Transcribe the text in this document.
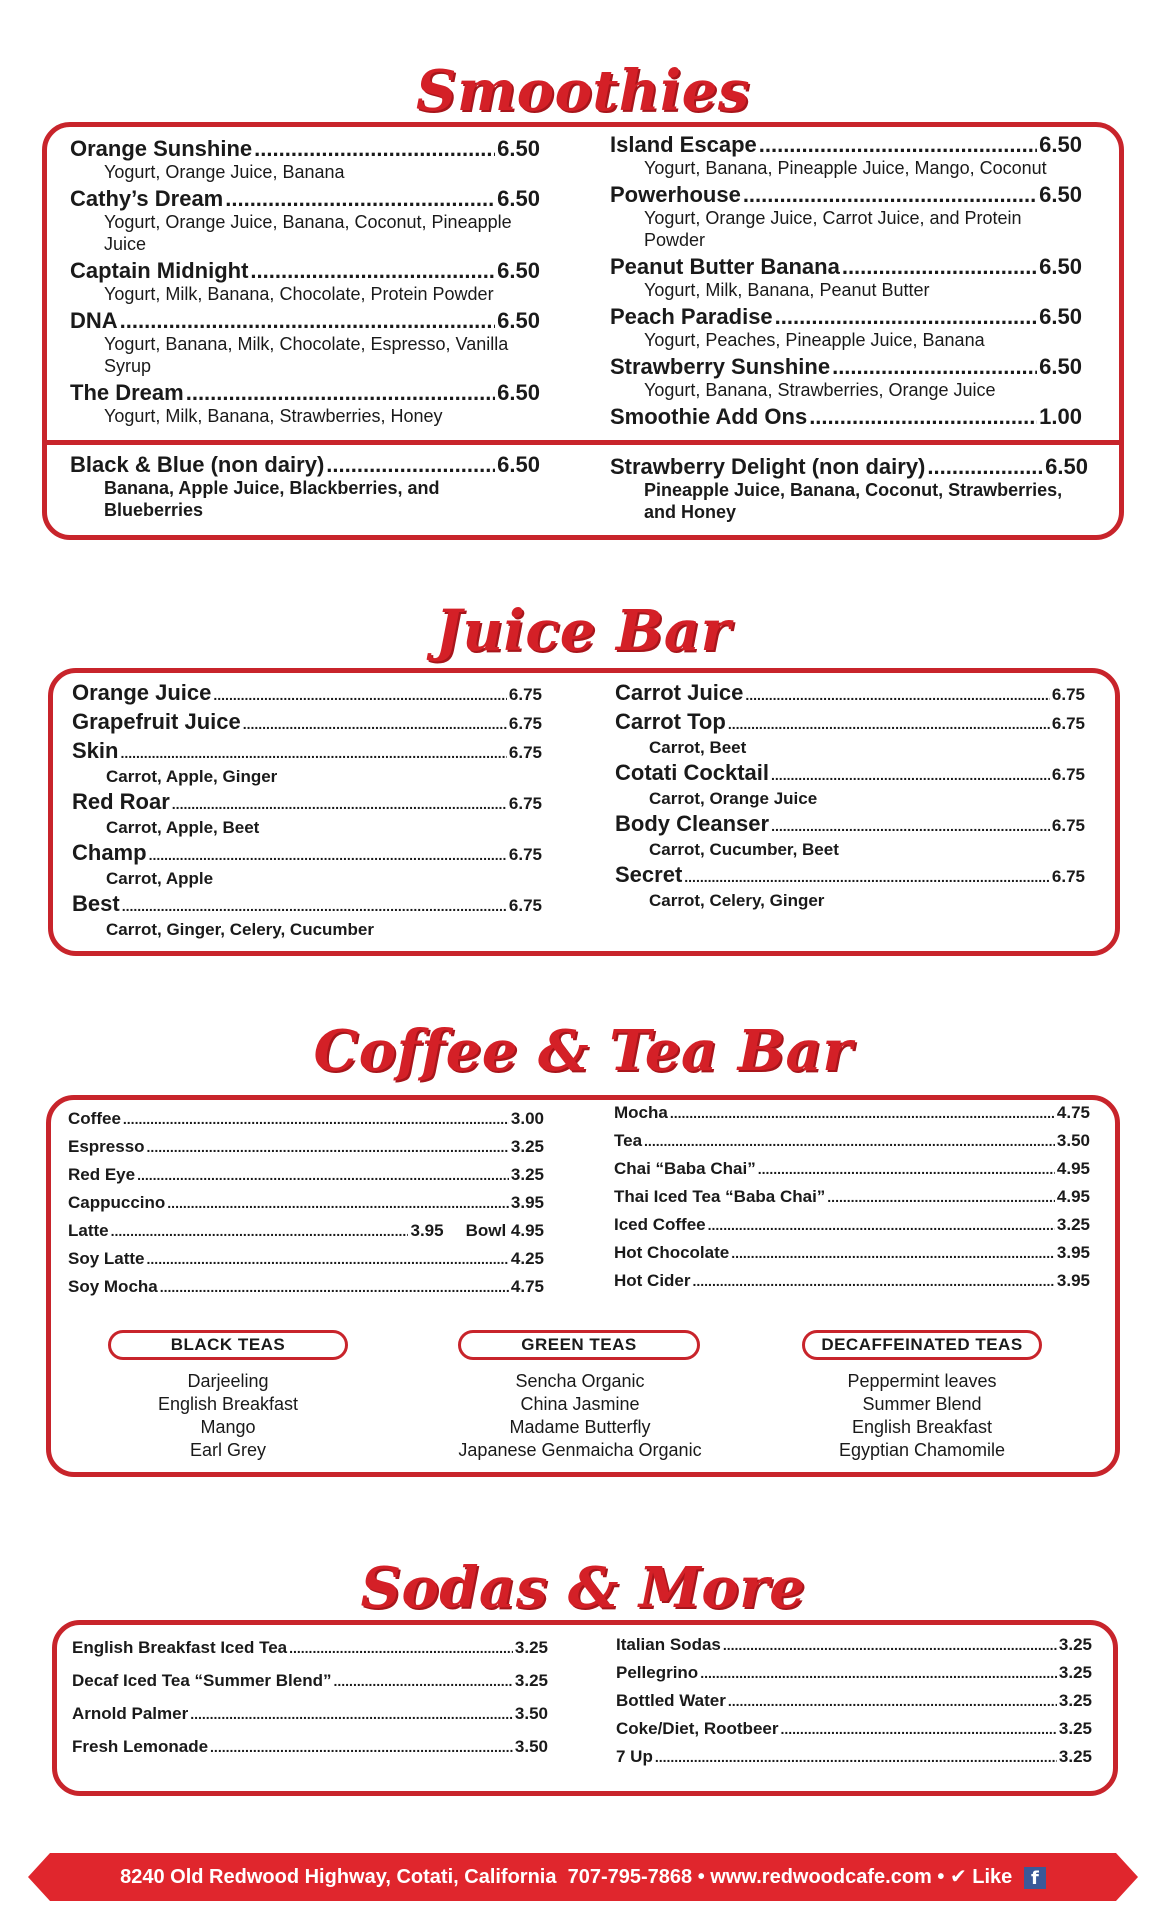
Smoothies
Orange Sunshine .....	6.50
Yogurt, Orange Juice, Banana
Cathy’s Dream .....	6.50
Yogurt, Orange Juice, Banana, Coconut, Pineapple Juice
Captain Midnight .....	6.50
Yogurt, Milk, Banana, Chocolate, Protein Powder
DNA .....	6.50
Yogurt, Banana, Milk, Chocolate, Espresso, Vanilla Syrup
The Dream .....	6.50
Yogurt, Milk, Banana, Strawberries, Honey
Island Escape .....	6.50
Yogurt, Banana, Pineapple Juice, Mango, Coconut
Powerhouse .....	6.50
Yogurt, Orange Juice, Carrot Juice, and Protein Powder
Peanut Butter Banana .....	6.50
Yogurt, Milk, Banana, Peanut Butter
Peach Paradise .....	6.50
Yogurt, Peaches, Pineapple Juice, Banana
Strawberry Sunshine .....	6.50
Yogurt, Banana, Strawberries, Orange Juice
Smoothie Add Ons .....	1.00
Black & Blue (non dairy) .....	6.50
Banana, Apple Juice, Blackberries, and Blueberries
Strawberry Delight (non dairy) .....	6.50
Pineapple Juice, Banana, Coconut, Strawberries, and Honey
Juice Bar
Orange Juice .....	6.75
Grapefruit Juice .....	6.75
Skin .....	6.75
Carrot, Apple, Ginger
Red Roar .....	6.75
Carrot, Apple, Beet
Champ .....	6.75
Carrot, Apple
Best .....	6.75
Carrot, Ginger, Celery, Cucumber
Carrot Juice .....	6.75
Carrot Top .....	6.75
Carrot, Beet
Cotati Cocktail .....	6.75
Carrot, Orange Juice
Body Cleanser .....	6.75
Carrot, Cucumber, Beet
Secret .....	6.75
Carrot, Celery, Ginger
Coffee & Tea Bar
Coffee .....	3.00
Espresso .....	3.25
Red Eye .....	3.25
Cappuccino .....	3.95
Latte .....	3.95 Bowl 4.95
Soy Latte .....	4.25
Soy Mocha .....	4.75
Mocha .....	4.75
Tea .....	3.50
Chai “Baba Chai” .....	4.95
Thai Iced Tea “Baba Chai” .....	4.95
Iced Coffee .....	3.25
Hot Chocolate .....	3.95
Hot Cider .....	3.95
BLACK TEAS	GREEN TEAS	DECAFFEINATED TEAS
Darjeeling
English Breakfast
Mango
Earl Grey
Sencha Organic
China Jasmine
Madame Butterfly
Japanese Genmaicha Organic
Peppermint leaves
Summer Blend
English Breakfast
Egyptian Chamomile
Sodas & More
English Breakfast Iced Tea .....	3.25
Decaf Iced Tea “Summer Blend” .....	3.25
Arnold Palmer .....	3.50
Fresh Lemonade .....	3.50
Italian Sodas .....	3.25
Pellegrino .....	3.25
Bottled Water .....	3.25
Coke/Diet, Rootbeer .....	3.25
7 Up .....	3.25
8240 Old Redwood Highway, Cotati, California 707-795-7868 • www.redwoodcafe.com • ✔ Like f
